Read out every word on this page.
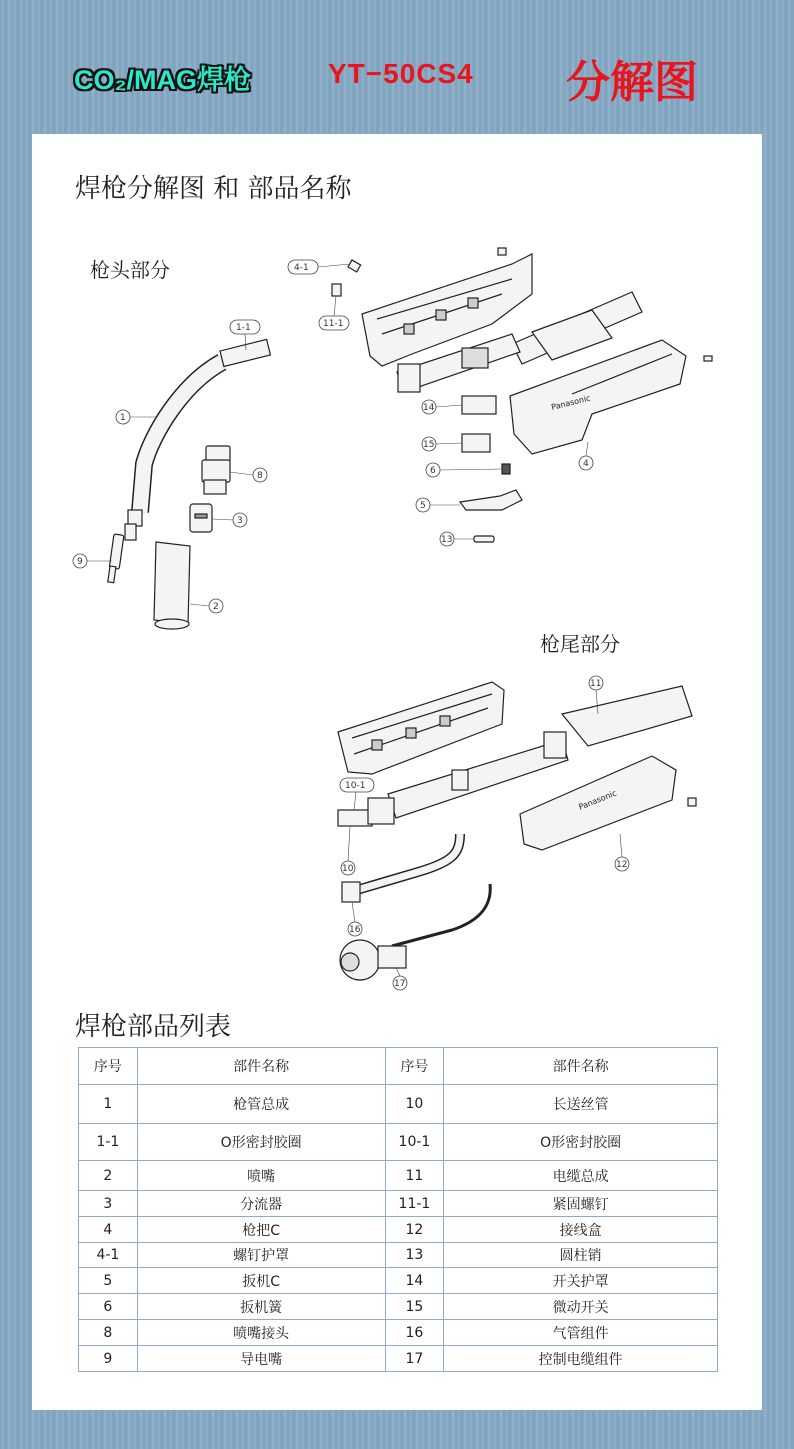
CO₂/MAG焊枪	YT−50CS4 分解图
焊枪分解图 和 部品名称
枪头部分
枪尾部分
Panasonic
Panasonic
4-1
11-1
1-1
1
8
3
9
2
14
15
6
4
5
13
11
10-1
10	12
16
17
焊枪部品列表
序号	部件名称	序号	部件名称
1	枪管总成	10	长送丝管
1-1	O形密封胶圈	10-1	O形密封胶圈
2	喷嘴	11	电缆总成
3	分流器	11-1	紧固螺钉
4	枪把C	12	接线盒
4-1	螺钉护罩	13	圆柱销
5	扳机C	14	开关护罩
6	扳机簧	15	微动开关
8	喷嘴接头	16	气管组件
9	导电嘴	17	控制电缆组件
